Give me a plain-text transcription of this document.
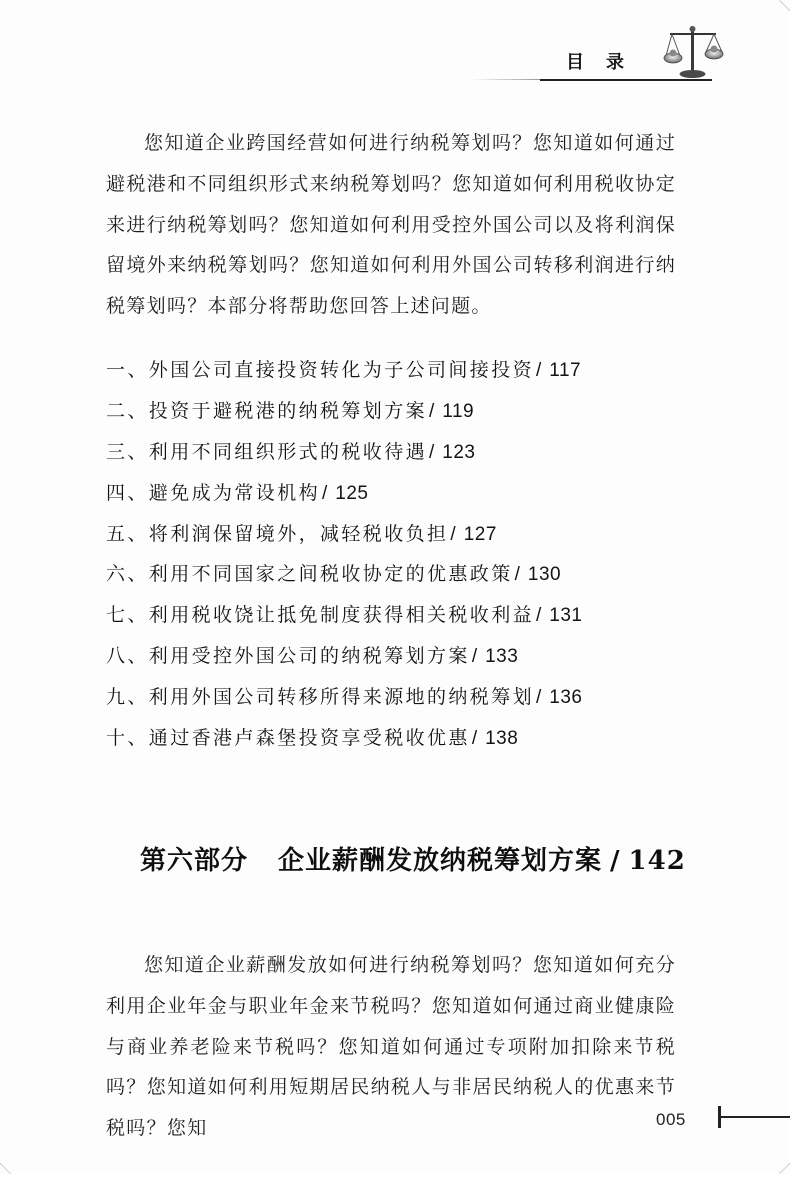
目录

您知道企业跨国经营如何进行纳税筹划吗？您知道如何通过避税港和不同组织形式来纳税筹划吗？您知道如何利用税收协定来进行纳税筹划吗？您知道如何利用受控外国公司以及将利润保留境外来纳税筹划吗？您知道如何利用外国公司转移利润进行纳税筹划吗？本部分将帮助您回答上述问题。

一、外国公司直接投资转化为子公司间接投资 / 117
二、投资于避税港的纳税筹划方案 / 119
三、利用不同组织形式的税收待遇 / 123
四、避免成为常设机构 / 125
五、将利润保留境外，减轻税收负担 / 127
六、利用不同国家之间税收协定的优惠政策 / 130
七、利用税收饶让抵免制度获得相关税收利益 / 131
八、利用受控外国公司的纳税筹划方案 / 133
九、利用外国公司转移所得来源地的纳税筹划 / 136
十、通过香港卢森堡投资享受税收优惠 / 138
第六部分 企业薪酬发放纳税筹划方案 / 142

您知道企业薪酬发放如何进行纳税筹划吗？您知道如何充分利用企业年金与职业年金来节税吗？您知道如何通过商业健康险与商业养老险来节税吗？您知道如何通过专项附加扣除来节税吗？您知道如何利用短期居民纳税人与非居民纳税人的优惠来节税吗？您知	005
